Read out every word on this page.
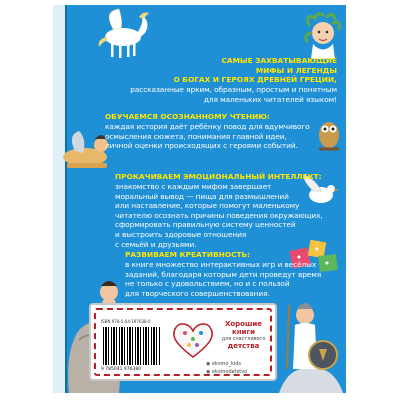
САМЫЕ ЗАХВАТЫВАЮЩИЕ
МИФЫ И ЛЕГЕНДЫ
О БОГАХ И ГЕРОЯХ ДРЕВНЕЙ ГРЕЦИИ,
рассказанные ярким, образным, простым и понятным
для маленьких читателей языком!
ОБУЧАЕМСЯ ОСОЗНАННОМУ ЧТЕНИЮ:
каждая история даёт ребёнку повод для вдумчивого
осмысления сюжета, понимания главной идеи,
личной оценки происходящих с героями событий.
ПРОКАЧИВАЕМ ЭМОЦИОНАЛЬНЫЙ ИНТЕЛЛЕКТ:
знакомство с каждым мифом завершает
моральный вывод — пища для размышлений
или наставление, которые помогут маленькому
читателю осознать причины поведения окружающих,
сформировать правильную систему ценностей
и выстроить здоровые отношения
с семьёй и друзьями.
РАЗВИВАЕМ КРЕАТИВНОСТЬ:
в книге множество интерактивных игр и весёлых
заданий, благодаря которым дети проведут время
не только с удовольствием, но и с пользой
для творческого совершенствования.
ISBN 978-5-04-197638-0
9 785041 976380
Хорошие
книги
для счастливого
детства
◉ eksmo_kids
◉ eksmodetstvo
